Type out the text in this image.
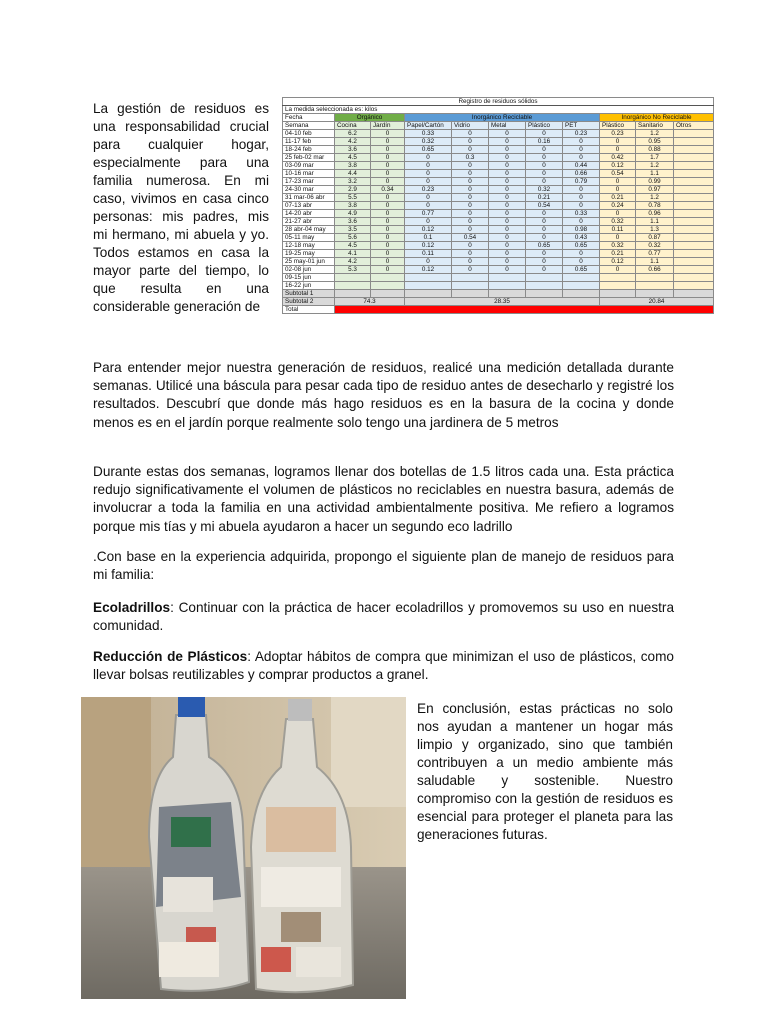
La gestión de residuos es una responsabilidad crucial para cualquier hogar, especialmente para una familia numerosa. En mi caso, vivimos en casa cinco personas: mis padres, mis mi hermano, mi abuela y yo. Todos estamos en casa la mayor parte del tiempo, lo que resulta en una considerable generación de
Registro de residuos sólidos										
La medida seleccionada es: kilos										
Fecha	Orgánico		Inorgánico Reciclable					Inorgánico No Reciclable		
Semana	Cocina	Jardín	Papel/Cartón	Vidrio	Metal	Plástico	PET	Plástico	Sanitario	Otros
04-10 feb	6.2	0	0.33	0	0	0	0.23	0.23	1.2	
11-17 feb	4.2	0	0.32	0	0	0.16	0	0	0.95	
18-24 feb	3.6	0	0.65	0	0	0	0	0	0.88	
25 feb-02 mar	4.5	0	0	0.3	0	0	0	0.42	1.7	
03-09 mar	3.8	0	0	0	0	0	0.44	0.12	1.2	
10-16 mar	4.4	0	0	0	0	0	0.66	0.54	1.1	
17-23 mar	3.2	0	0	0	0	0	0.79	0	0.99	
24-30 mar	2.9	0.34	0.23	0	0	0.32	0	0	0.97	
31 mar-06 abr	5.5	0	0	0	0	0.21	0	0.21	1.2	
07-13 abr	3.8	0	0	0	0	0.54	0	0.24	0.78	
14-20 abr	4.9	0	0.77	0	0	0	0.33	0	0.96	
21-27 abr	3.6	0	0	0	0	0	0	0.32	1.1	
28 abr-04 may	3.5	0	0.12	0	0	0	0.98	0.11	1.3	
05-11 may	5.6	0	0.1	0.54	0	0	0.43	0	0.87	
12-18 may	4.5	0	0.12	0	0	0.65	0.65	0.32	0.32	
19-25 may	4.1	0	0.11	0	0	0	0	0.21	0.77	
25 may-01 jun	4.2	0	0	0	0	0	0	0.12	1.1	
02-08 jun	5.3	0	0.12	0	0	0	0.65	0	0.66	
09-15 jun										
16-22 jun										
Subtotal 1										
Subtotal 2	74.3		28.35					20.84		
Total	123.49									
Para entender mejor nuestra generación de residuos, realicé una medición detallada durante semanas. Utilicé una báscula para pesar cada tipo de residuo antes de desecharlo y registré los resultados. Descubrí que donde más hago residuos es en la basura de la cocina y donde menos es en el jardín porque realmente solo tengo una jardinera de 5 metros
Durante estas dos semanas, logramos llenar dos botellas de 1.5 litros cada una. Esta práctica redujo significativamente el volumen de plásticos no reciclables en nuestra basura, además de involucrar a toda la familia en una actividad ambientalmente positiva. Me refiero a logramos porque mis tías y mi abuela ayudaron a hacer un segundo eco ladrillo
.Con base en la experiencia adquirida, propongo el siguiente plan de manejo de residuos para mi familia:
Ecoladrillos: Continuar con la práctica de hacer ecoladrillos y promovemos su uso en nuestra comunidad.
Reducción de Plásticos: Adoptar hábitos de compra que minimizan el uso de plásticos, como llevar bolsas reutilizables y comprar productos a granel.
En conclusión, estas prácticas no solo nos ayudan a mantener un hogar más limpio y organizado, sino que también contribuyen a un medio ambiente más saludable y sostenible. Nuestro compromiso con la gestión de residuos es esencial para proteger el planeta para las generaciones futuras.
